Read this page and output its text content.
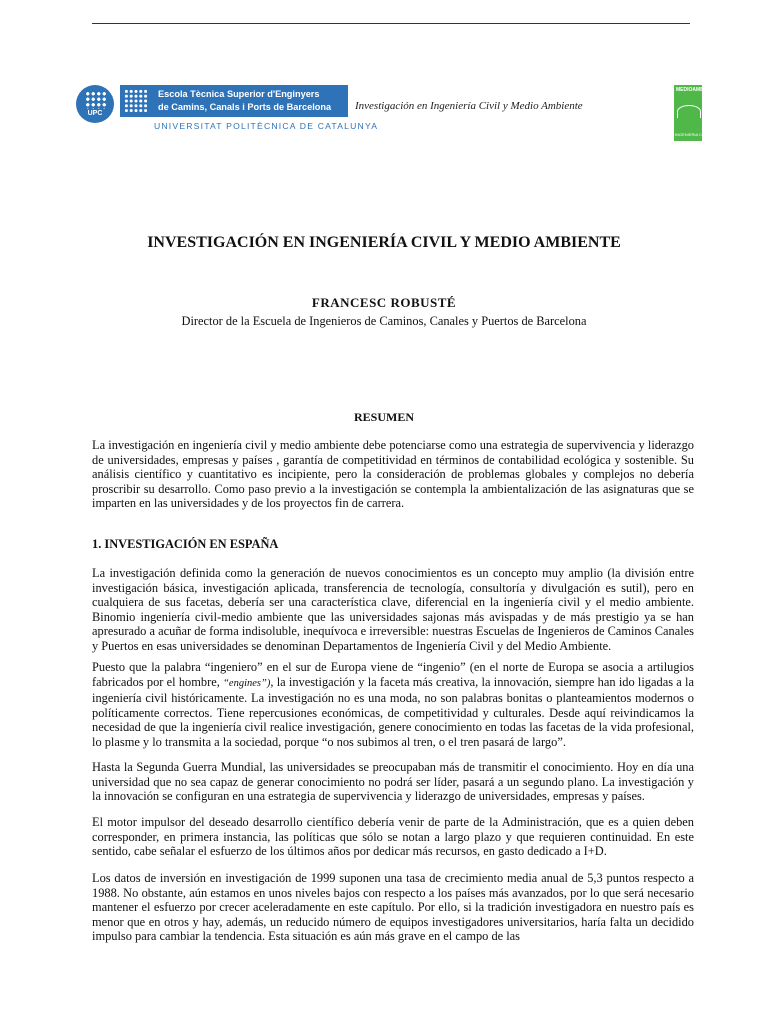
UPC
Escola Tècnica Superior d'Enginyers
de Camins, Canals i Ports de Barcelona
UNIVERSITAT POLITÈCNICA DE CATALUNYA
Investigación en Ingeniería Civil y Medio Ambiente
MEDIOAMBIENTE
INGENIERIA CIVIL
INVESTIGACIÓN EN INGENIERÍA CIVIL Y MEDIO AMBIENTE
FRANCESC ROBUSTÉ
Director de la Escuela de Ingenieros de Caminos, Canales y Puertos de Barcelona
RESUMEN

La investigación en ingeniería civil y medio ambiente debe potenciarse como una estrategia de supervivencia y liderazgo de universidades, empresas y países , garantía de competitividad en términos de contabilidad ecológica y sostenible. Su análisis científico y cuantitativo es incipiente, pero la consideración de problemas globales y complejos no debería proscribir su desarrollo. Como paso previo a la investigación se contempla la ambientalización de las asignaturas que se imparten en las universidades y de los proyectos fin de carrera.

1. INVESTIGACIÓN EN ESPAÑA

La investigación definida como la generación de nuevos conocimientos es un concepto muy amplio (la división entre investigación básica, investigación aplicada, transferencia de tecnología, consultoría y divulgación es sutil), pero en cualquiera de sus facetas, debería ser una característica clave, diferencial en la ingeniería civil y el medio ambiente. Binomio ingeniería civil-medio ambiente que las universidades sajonas más avispadas y de más prestigio ya se han apresurado a acuñar de forma indisoluble, inequívoca e irreversible: nuestras Escuelas de Ingenieros de Caminos Canales y Puertos en esas universidades se denominan Departamentos de Ingeniería Civil y del Medio Ambiente.

Puesto que la palabra “ingeniero” en el sur de Europa viene de “ingenio” (en el norte de Europa se asocia a artilugios fabricados por el hombre, “engines”), la investigación y la faceta más creativa, la innovación, siempre han ido ligadas a la ingeniería civil históricamente. La investigación no es una moda, no son palabras bonitas o planteamientos modernos o políticamente correctos. Tiene repercusiones económicas, de competitividad y culturales. Desde aquí reivindicamos la necesidad de que la ingeniería civil realice investigación, genere conocimiento en todas las facetas de la vida profesional, lo plasme y lo transmita a la sociedad, porque “o nos subimos al tren, o el tren pasará de largo”.

Hasta la Segunda Guerra Mundial, las universidades se preocupaban más de transmitir el conocimiento. Hoy en día una universidad que no sea capaz de generar conocimiento no podrá ser líder, pasará a un segundo plano. La investigación y la innovación se configuran en una estrategia de supervivencia y liderazgo de universidades, empresas y países.

El motor impulsor del deseado desarrollo científico debería venir de parte de la Administración, que es a quien deben corresponder, en primera instancia, las políticas que sólo se notan a largo plazo y que requieren continuidad. En este sentido, cabe señalar el esfuerzo de los últimos años por dedicar más recursos, en gasto dedicado a I+D.

Los datos de inversión en investigación de 1999 suponen una tasa de crecimiento media anual de 5,3 puntos respecto a 1988. No obstante, aún estamos en unos niveles bajos con respecto a los países más avanzados, por lo que será necesario mantener el esfuerzo por crecer aceleradamente en este capítulo. Por ello, si la tradición investigadora en nuestro país es menor que en otros y hay, además, un reducido número de equipos investigadores universitarios, haría falta un decidido impulso para cambiar la tendencia. Esta situación es aún más grave en el campo de las
